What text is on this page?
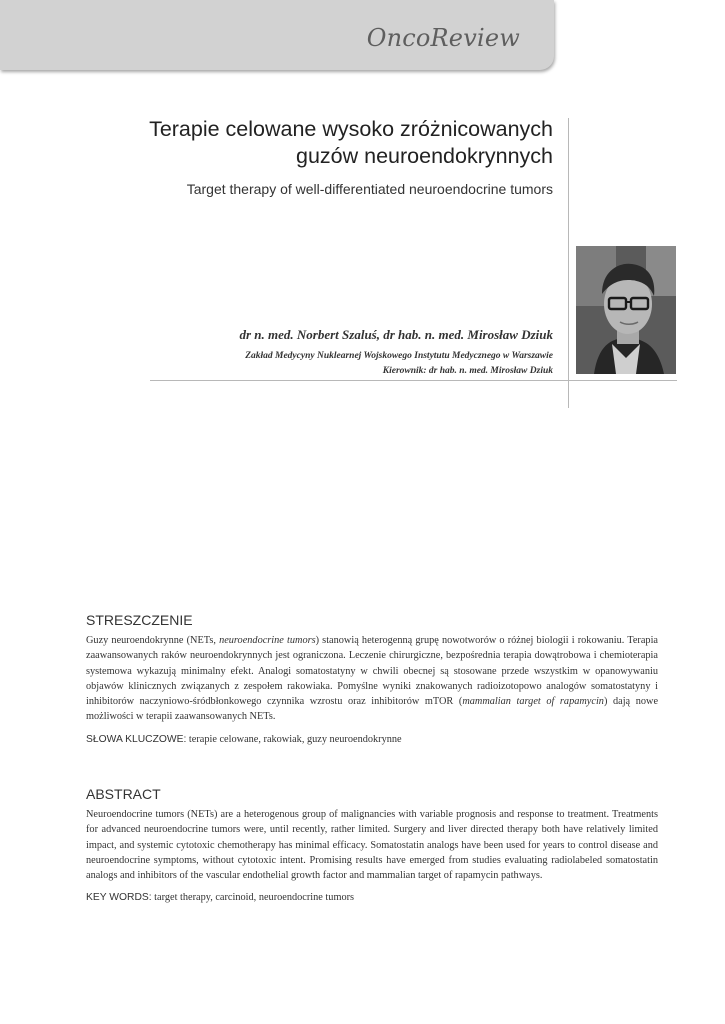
OncoReview
Terapie celowane wysoko zróżnicowanych
guzów neuroendokrynnych
Target therapy of well-differentiated neuroendocrine tumors
dr n. med. Norbert Szaluś, dr hab. n. med. Mirosław Dziuk
Zakład Medycyny Nuklearnej Wojskowego Instytutu Medycznego w Warszawie
Kierownik: dr hab. n. med. Mirosław Dziuk
STRESZCZENIE

Guzy neuroendokrynne (NETs, neuroendocrine tumors) stanowią heterogenną grupę nowotworów o różnej biologii i rokowaniu. Terapia zaawansowanych raków neuroendokrynnych jest ograniczona. Leczenie chirurgiczne, bezpośrednia terapia dowątrobowa i chemioterapia systemowa wykazują minimalny efekt. Analogi somatostatyny w chwili obecnej są stosowane przede wszystkim w opanowywaniu objawów klinicznych związanych z zespołem rakowiaka. Pomyślne wyniki znakowanych radioizotopowo analogów somatostatyny i inhibitorów naczyniowo-śródbłonkowego czynnika wzrostu oraz inhibitorów mTOR (mammalian target of rapamycin) dają nowe możliwości w terapii zaawansowanych NETs.

SŁOWA KLUCZOWE: terapie celowane, rakowiak, guzy neuroendokrynne
ABSTRACT

Neuroendocrine tumors (NETs) are a heterogenous group of malignancies with variable prognosis and response to treatment. Treatments for advanced neuroendocrine tumors were, until recently, rather limited. Surgery and liver directed therapy both have relatively limited impact, and systemic cytotoxic chemotherapy has minimal efficacy. Somatostatin analogs have been used for years to control disease and neuroendocrine symptoms, without cytotoxic intent. Promising results have emerged from studies evaluating radiolabeled somatostatin analogs and inhibitors of the vascular endothelial growth factor and mammalian target of rapamycin pathways.

KEY WORDS: target therapy, carcinoid, neuroendocrine tumors
